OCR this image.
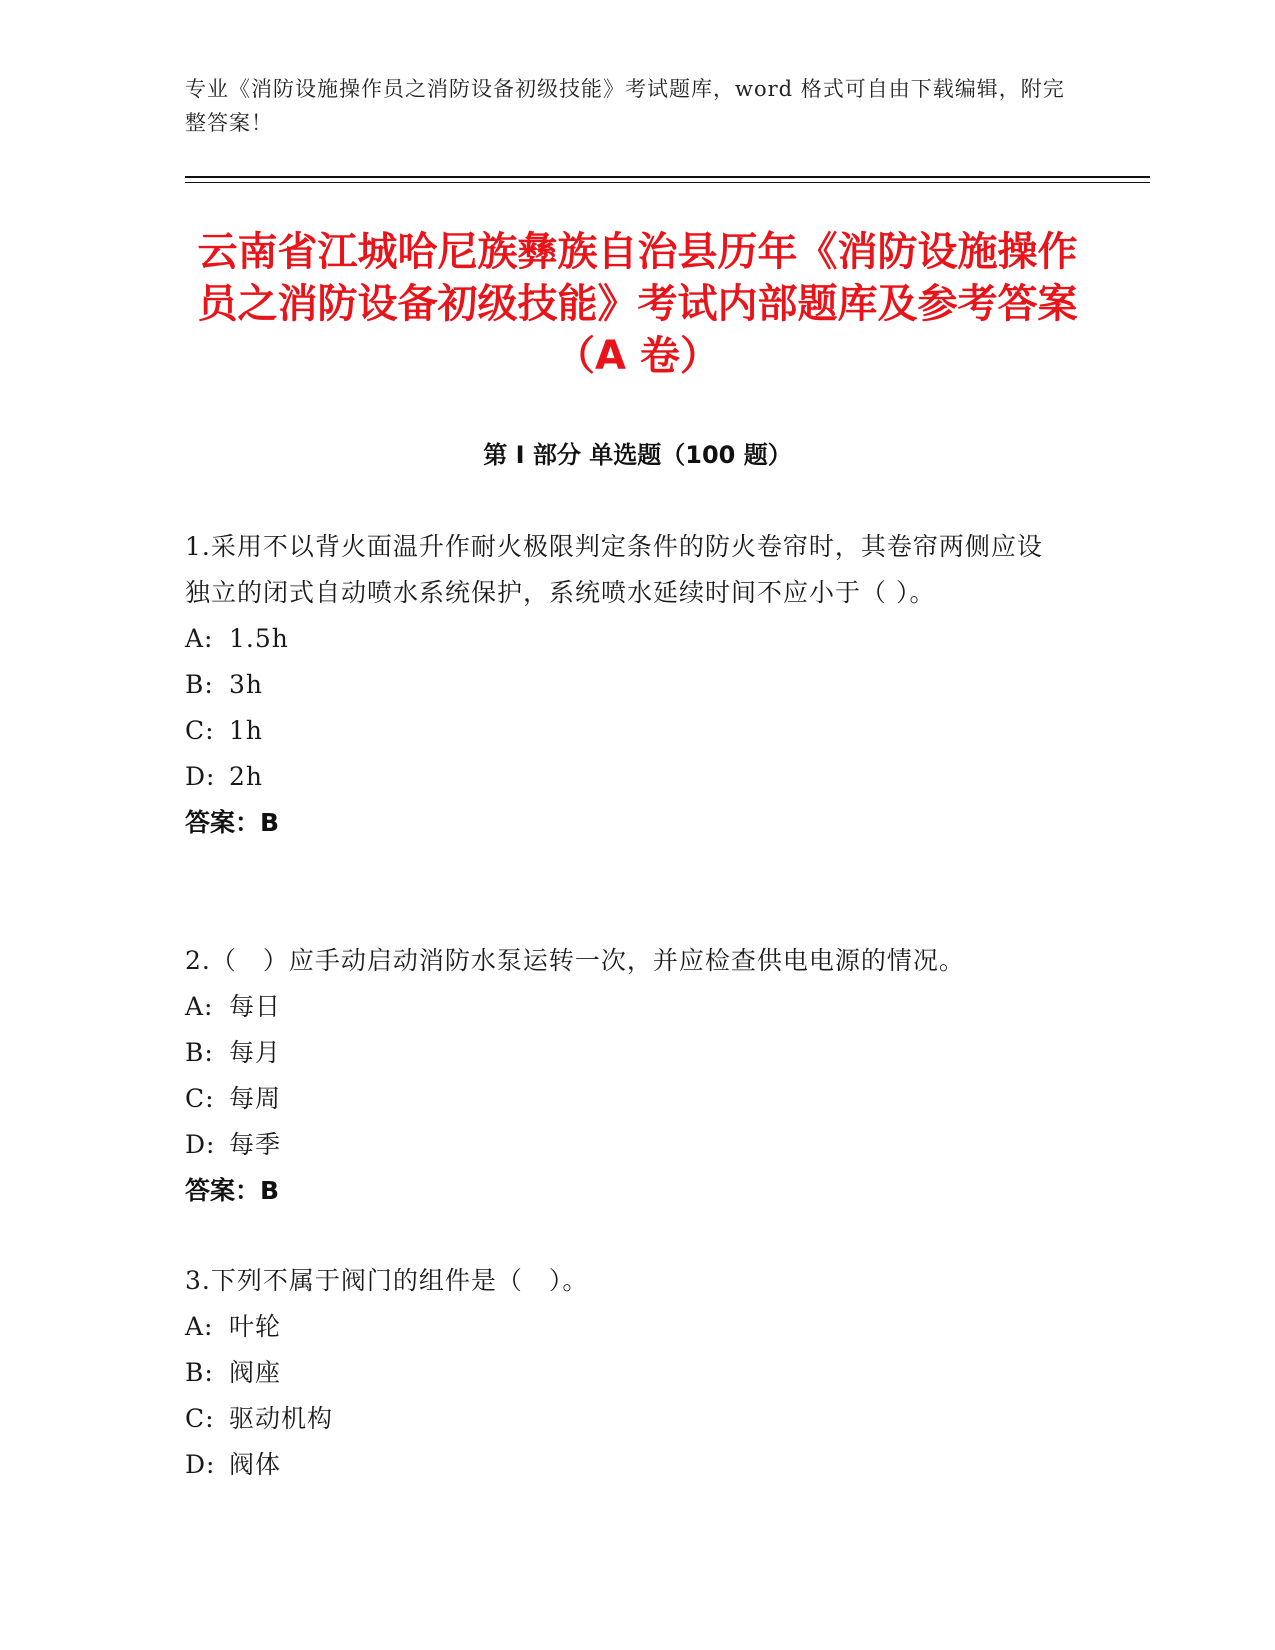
专业《消防设施操作员之消防设备初级技能》考试题库，word 格式可自由下载编辑，附完整答案！
云南省江城哈尼族彝族自治县历年《消防设施操作员之消防设备初级技能》考试内部题库及参考答案（A 卷）
第 I 部分 单选题（100 题）
1.采用不以背火面温升作耐火极限判定条件的防火卷帘时，其卷帘两侧应设独立的闭式自动喷水系统保护，系统喷水延续时间不应小于（ ）。
A: 1.5h
B: 3h
C: 1h
D: 2h
答案：B
2.（　）应手动启动消防水泵运转一次，并应检查供电电源的情况。
A: 每日
B: 每月
C: 每周
D: 每季
答案：B
3.下列不属于阀门的组件是（　）。
A: 叶轮
B: 阀座
C: 驱动机构
D: 阀体
